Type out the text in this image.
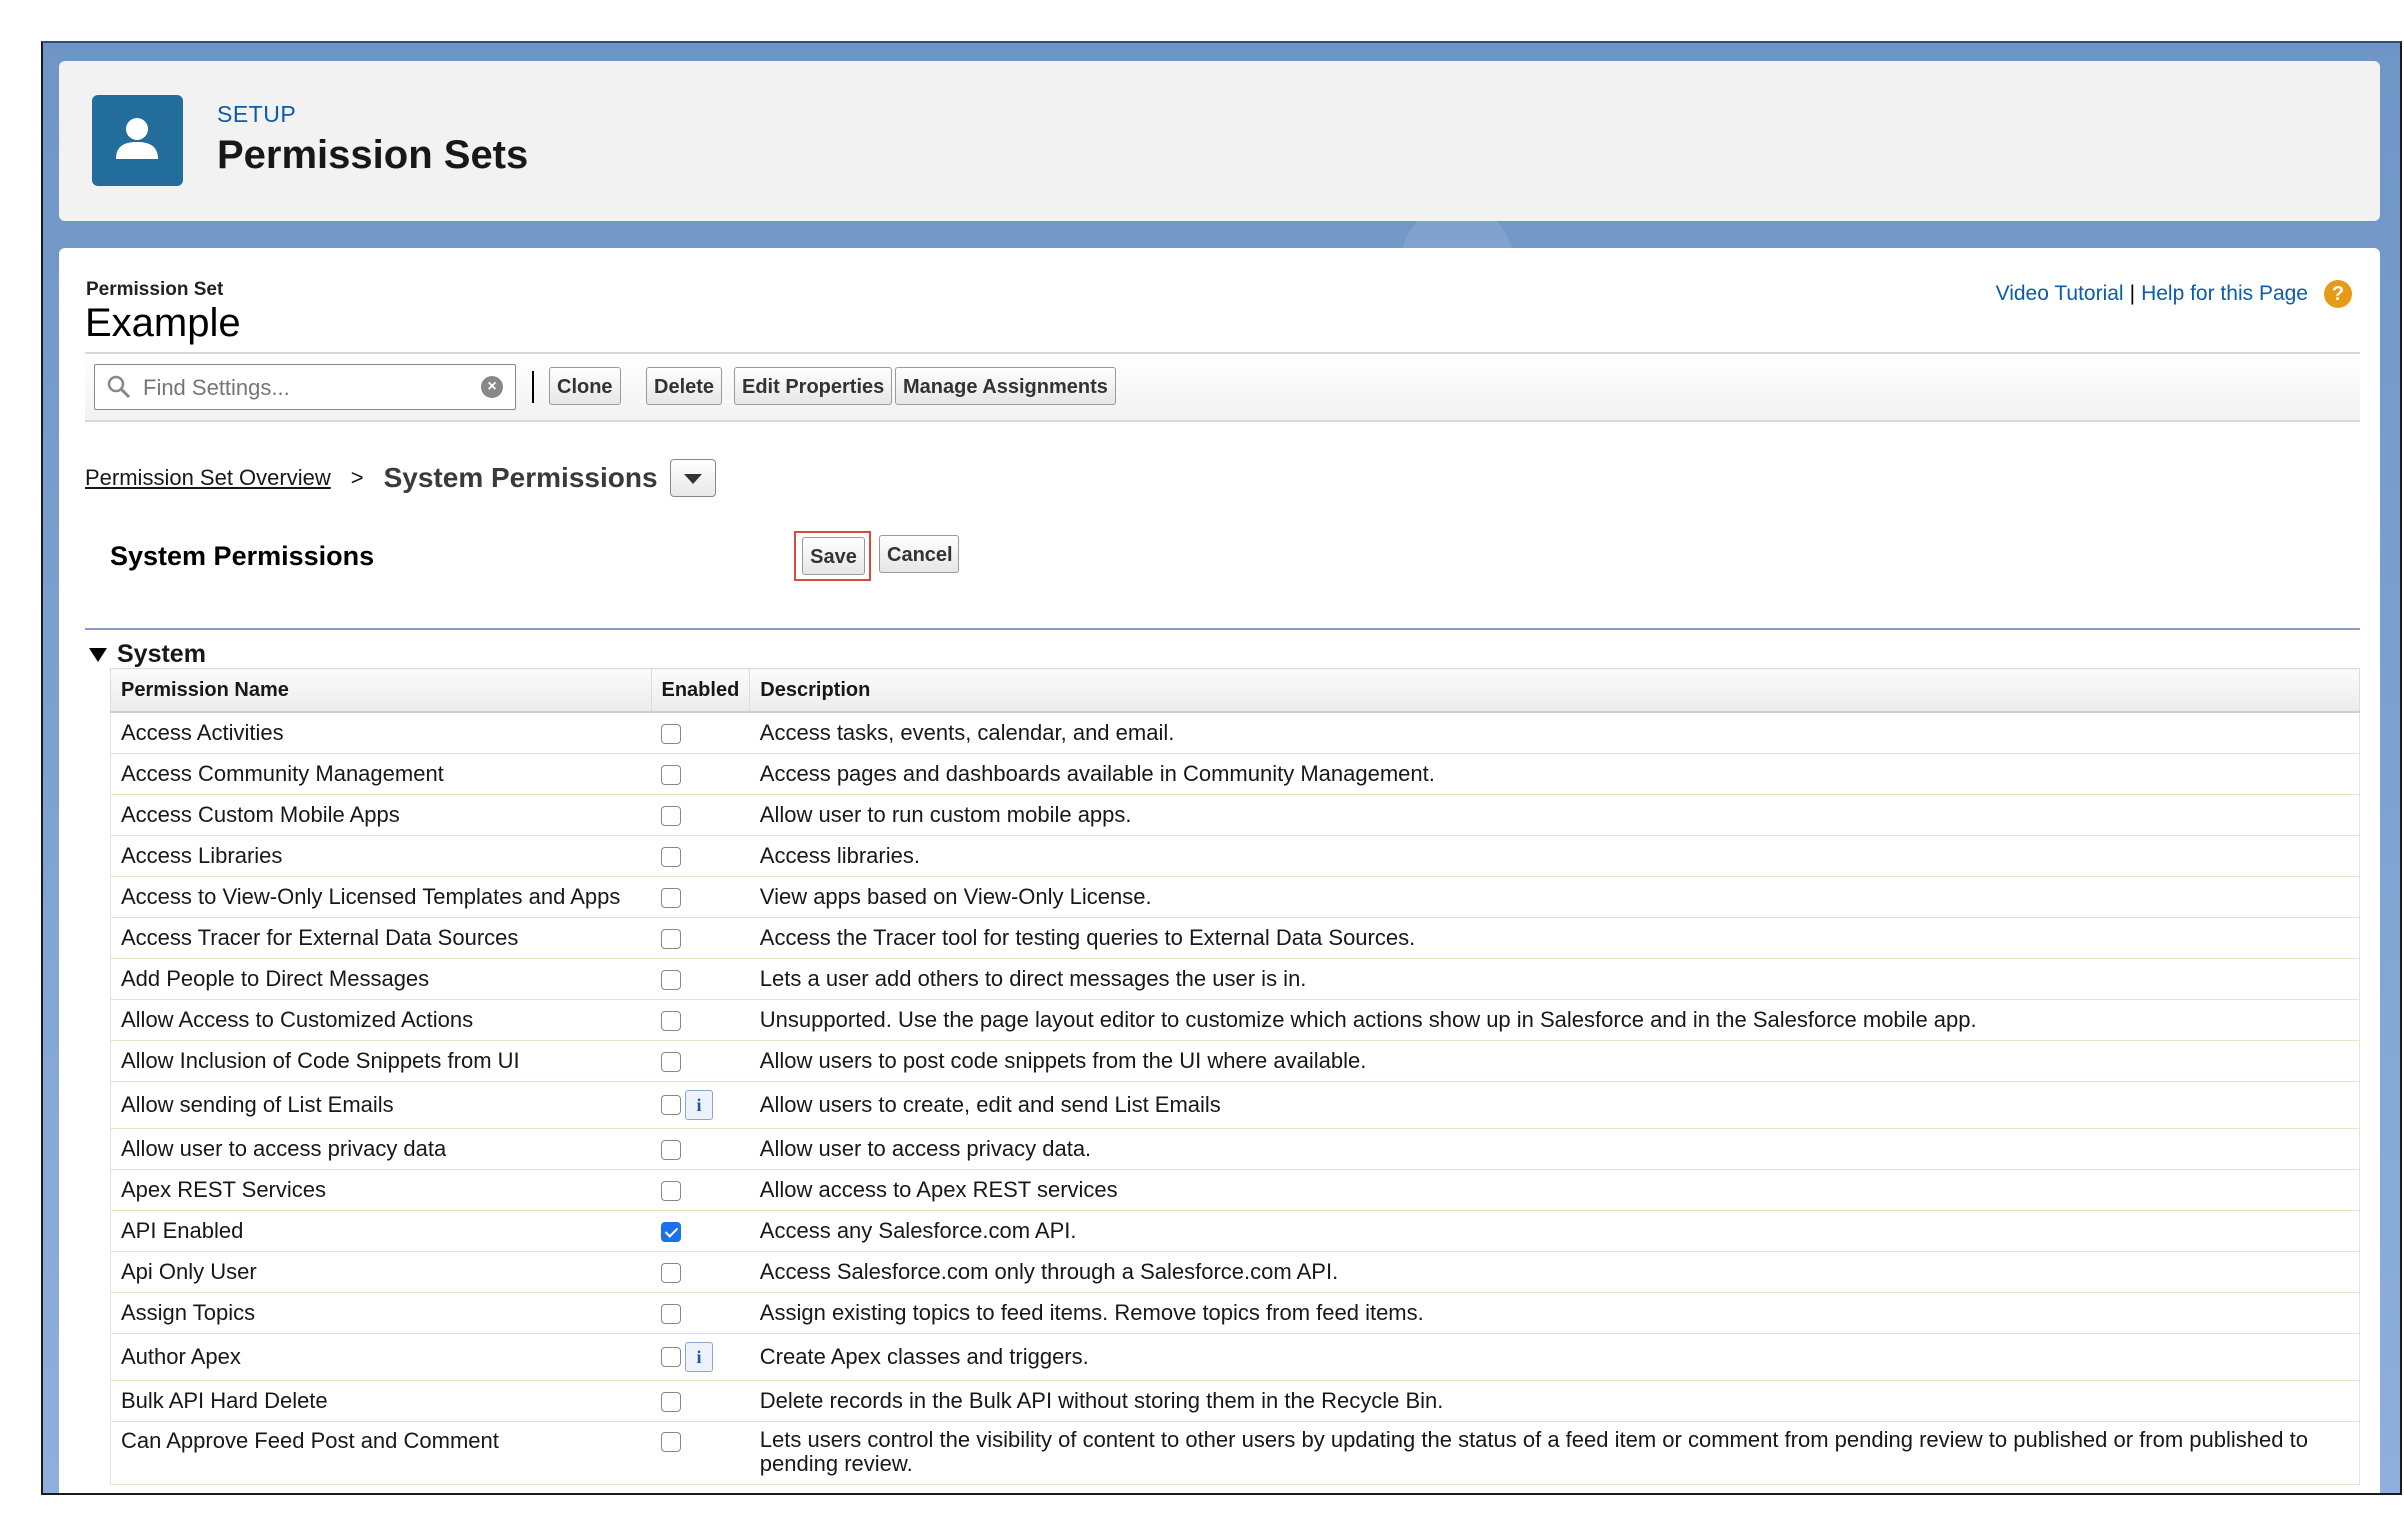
SETUP
Permission Sets
Permission Set
Example
Video Tutorial | Help for this Page	?
Find Settings...
×	Clone	Delete	Edit Properties Manage Assignments
Permission Set Overview > System Permissions
System Permissions	Save	Cancel
System
Permission Name	Enabled	Description
Access Activities		Access tasks, events, calendar, and email.
Access Community Management		Access pages and dashboards available in Community Management.
Access Custom Mobile Apps		Allow user to run custom mobile apps.
Access Libraries		Access libraries.
Access to View-Only Licensed Templates and Apps		View apps based on View-Only License.
Access Tracer for External Data Sources		Access the Tracer tool for testing queries to External Data Sources.
Add People to Direct Messages		Lets a user add others to direct messages the user is in.
Allow Access to Customized Actions		Unsupported. Use the page layout editor to customize which actions show up in Salesforce and in the Salesforce mobile app.
Allow Inclusion of Code Snippets from UI		Allow users to post code snippets from the UI where available.
Allow sending of List Emails	i	Allow users to create, edit and send List Emails
Allow user to access privacy data		Allow user to access privacy data.
Apex REST Services		Allow access to Apex REST services
API Enabled		Access any Salesforce.com API.
Api Only User		Access Salesforce.com only through a Salesforce.com API.
Assign Topics		Assign existing topics to feed items. Remove topics from feed items.
Author Apex	i	Create Apex classes and triggers.
Bulk API Hard Delete		Delete records in the Bulk API without storing them in the Recycle Bin.
Can Approve Feed Post and Comment		Lets users control the visibility of content to other users by updating the status of a feed item or comment from pending review to published or from published to pending review.
